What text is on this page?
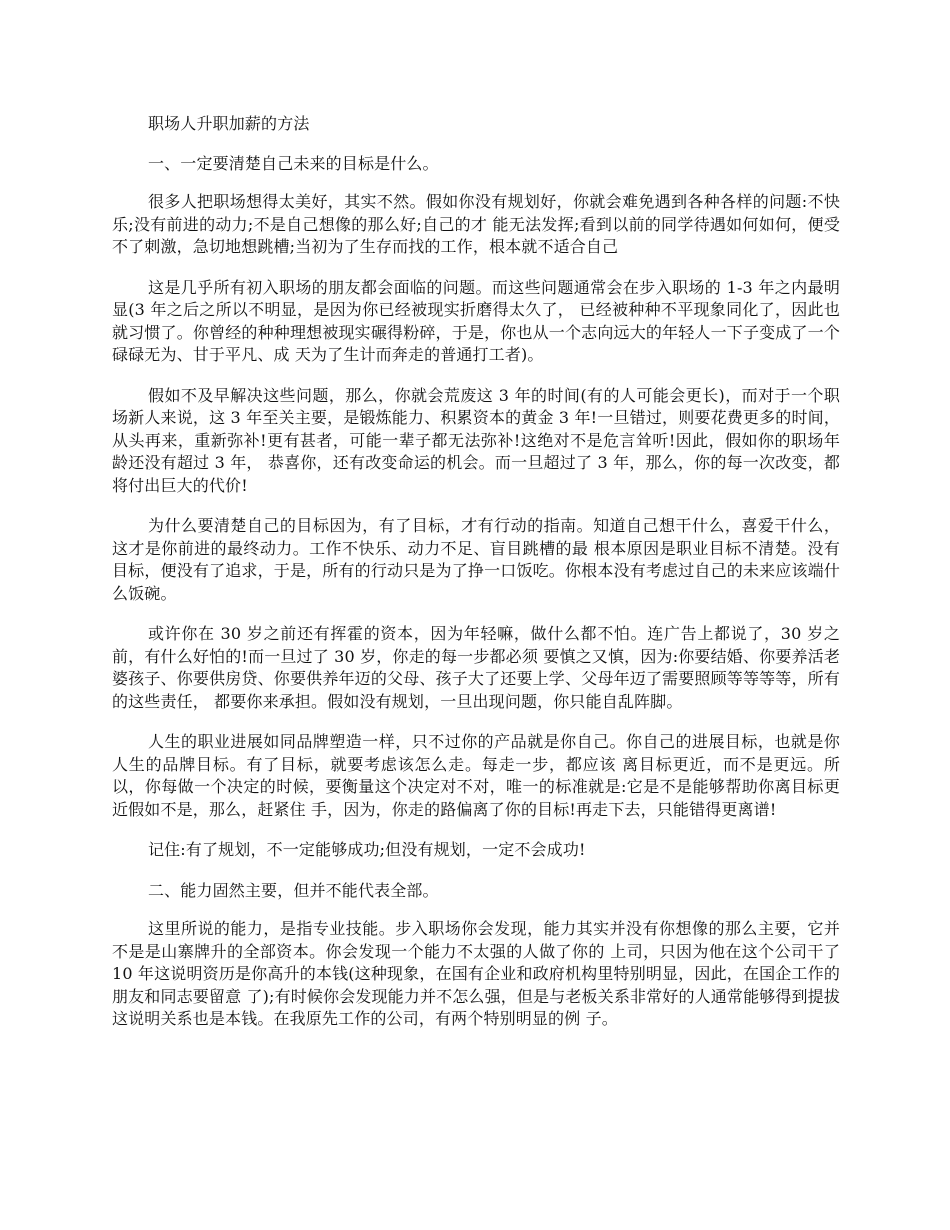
职场人升职加薪的方法

一、一定要清楚自己未来的目标是什么。

很多人把职场想得太美好，其实不然。假如你没有规划好，你就会难免遇到各种各样的问题:不快乐;没有前进的动力;不是自己想像的那么好;自己的才 能无法发挥;看到以前的同学待遇如何如何，便受不了刺激，急切地想跳槽;当初为了生存而找的工作，根本就不适合自己

这是几乎所有初入职场的朋友都会面临的问题。而这些问题通常会在步入职场的 1-3 年之内最明显(3 年之后之所以不明显，是因为你已经被现实折磨得太久了， 已经被种种不平现象同化了，因此也就习惯了。你曾经的种种理想被现实碾得粉碎，于是，你也从一个志向远大的年轻人一下子变成了一个碌碌无为、甘于平凡、成 天为了生计而奔走的普通打工者)。

假如不及早解决这些问题，那么，你就会荒废这 3 年的时间(有的人可能会更长)，而对于一个职场新人来说，这 3 年至关主要，是锻炼能力、积累资本的黄金 3 年!一旦错过，则要花费更多的时间，从头再来，重新弥补!更有甚者，可能一辈子都无法弥补!这绝对不是危言耸听!因此，假如你的职场年龄还没有超过 3 年， 恭喜你，还有改变命运的机会。而一旦超过了 3 年，那么，你的每一次改变，都将付出巨大的代价!

为什么要清楚自己的目标因为，有了目标，才有行动的指南。知道自己想干什么，喜爱干什么，这才是你前进的最终动力。工作不快乐、动力不足、盲目跳槽的最 根本原因是职业目标不清楚。没有目标，便没有了追求，于是，所有的行动只是为了挣一口饭吃。你根本没有考虑过自己的未来应该端什么饭碗。

或许你在 30 岁之前还有挥霍的资本，因为年轻嘛，做什么都不怕。连广告上都说了，30 岁之前，有什么好怕的!而一旦过了 30 岁，你走的每一步都必须 要慎之又慎，因为:你要结婚、你要养活老婆孩子、你要供房贷、你要供养年迈的父母、孩子大了还要上学、父母年迈了需要照顾等等等等，所有的这些责任， 都要你来承担。假如没有规划，一旦出现问题，你只能自乱阵脚。

人生的职业进展如同品牌塑造一样，只不过你的产品就是你自己。你自己的进展目标，也就是你人生的品牌目标。有了目标，就要考虑该怎么走。每走一步，都应该 离目标更近，而不是更远。所以，你每做一个决定的时候，要衡量这个决定对不对，唯一的标准就是:它是不是能够帮助你离目标更近假如不是，那么，赶紧住 手，因为，你走的路偏离了你的目标!再走下去，只能错得更离谱!

记住:有了规划，不一定能够成功;但没有规划，一定不会成功!

二、能力固然主要，但并不能代表全部。

这里所说的能力，是指专业技能。步入职场你会发现，能力其实并没有你想像的那么主要，它并不是是山寨牌升的全部资本。你会发现一个能力不太强的人做了你的 上司，只因为他在这个公司干了 10 年这说明资历是你高升的本钱(这种现象，在国有企业和政府机构里特别明显，因此，在国企工作的朋友和同志要留意 了);有时候你会发现能力并不怎么强，但是与老板关系非常好的人通常能够得到提拔这说明关系也是本钱。在我原先工作的公司，有两个特别明显的例 子。
